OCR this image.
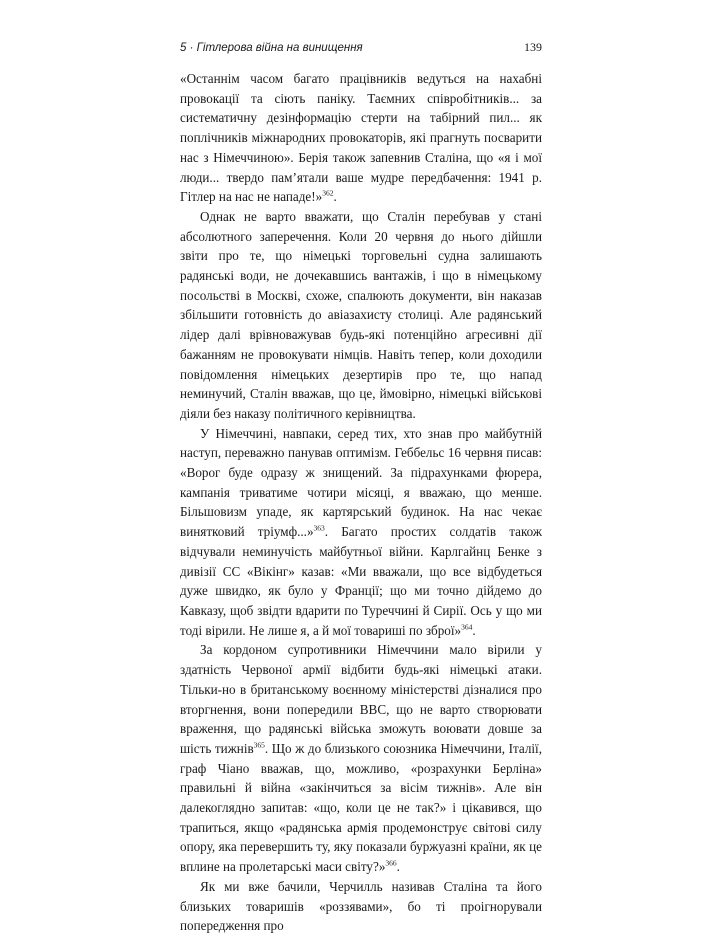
5 · Гітлерова війна на винищення	139

«Останнім часом багато працівників ведуться на нахабні провокації та сіють паніку. Таємних співробітників... за систематичну дезінформацію стерти на табірний пил... як поплічників міжнародних провокаторів, які прагнуть посварити нас з Німеччиною». Берія також запевнив Сталіна, що «я і мої люди... твердо пам’ятали ваше мудре передбачення: 1941 р. Гітлер на нас не нападе!»$^{362}$.

Однак не варто вважати, що Сталін перебував у стані абсолютного заперечення. Коли 20 червня до нього дійшли звіти про те, що німецькі торговельні судна залишають радянські води, не дочекавшись вантажів, і що в німецькому посольстві в Москві, схоже, спалюють документи, він наказав збільшити готовність до авіазахисту столиці. Але радянський лідер далі врівноважував будь-які потенційно агресивні дії бажанням не провокувати німців. Навіть тепер, коли доходили повідомлення німецьких дезертирів про те, що напад неминучий, Сталін вважав, що це, ймовірно, німецькі військові діяли без наказу політичного керівництва.

У Німеччині, навпаки, серед тих, хто знав про майбутній наступ, переважно панував оптимізм. Геббельс 16 червня писав: «Ворог буде одразу ж знищений. За підрахунками фюрера, кампанія триватиме чотири місяці, я вважаю, що менше. Більшовизм упаде, як картярський будинок. На нас чекає винятковий тріумф...»$^{363}$. Багато простих солдатів також відчували неминучість майбутньої війни. Карлгайнц Бенке з дивізії СС «Вікінг» казав: «Ми вважали, що все відбудеться дуже швидко, як було у Франції; що ми точно дійдемо до Кавказу, щоб звідти вдарити по Туреччині й Сирії. Ось у що ми тоді вірили. Не лише я, а й мої товариші по зброї»$^{364}$.

За кордоном супротивники Німеччини мало вірили у здатність Червоної армії відбити будь-які німецькі атаки. Тільки-но в британському воєнному міністерстві дізналися про вторгнення, вони попередили BBC, що не варто створювати враження, що радянські війська зможуть воювати довше за шість тижнів$^{365}$. Що ж до близького союзника Німеччини, Італії, граф Чіано вважав, що, можливо, «розрахунки Берліна» правильні й війна «закінчиться за вісім тижнів». Але він далекоглядно запитав: «що, коли це не так?» і цікавився, що трапиться, якщо «радянська армія продемонструє світові силу опору, яка перевершить ту, яку показали буржуазні країни, як це вплине на пролетарські маси світу?»$^{366}$.

Як ми вже бачили, Черчилль називав Сталіна та його близьких товаришів «роззявами», бо ті проігнорували попередження про
